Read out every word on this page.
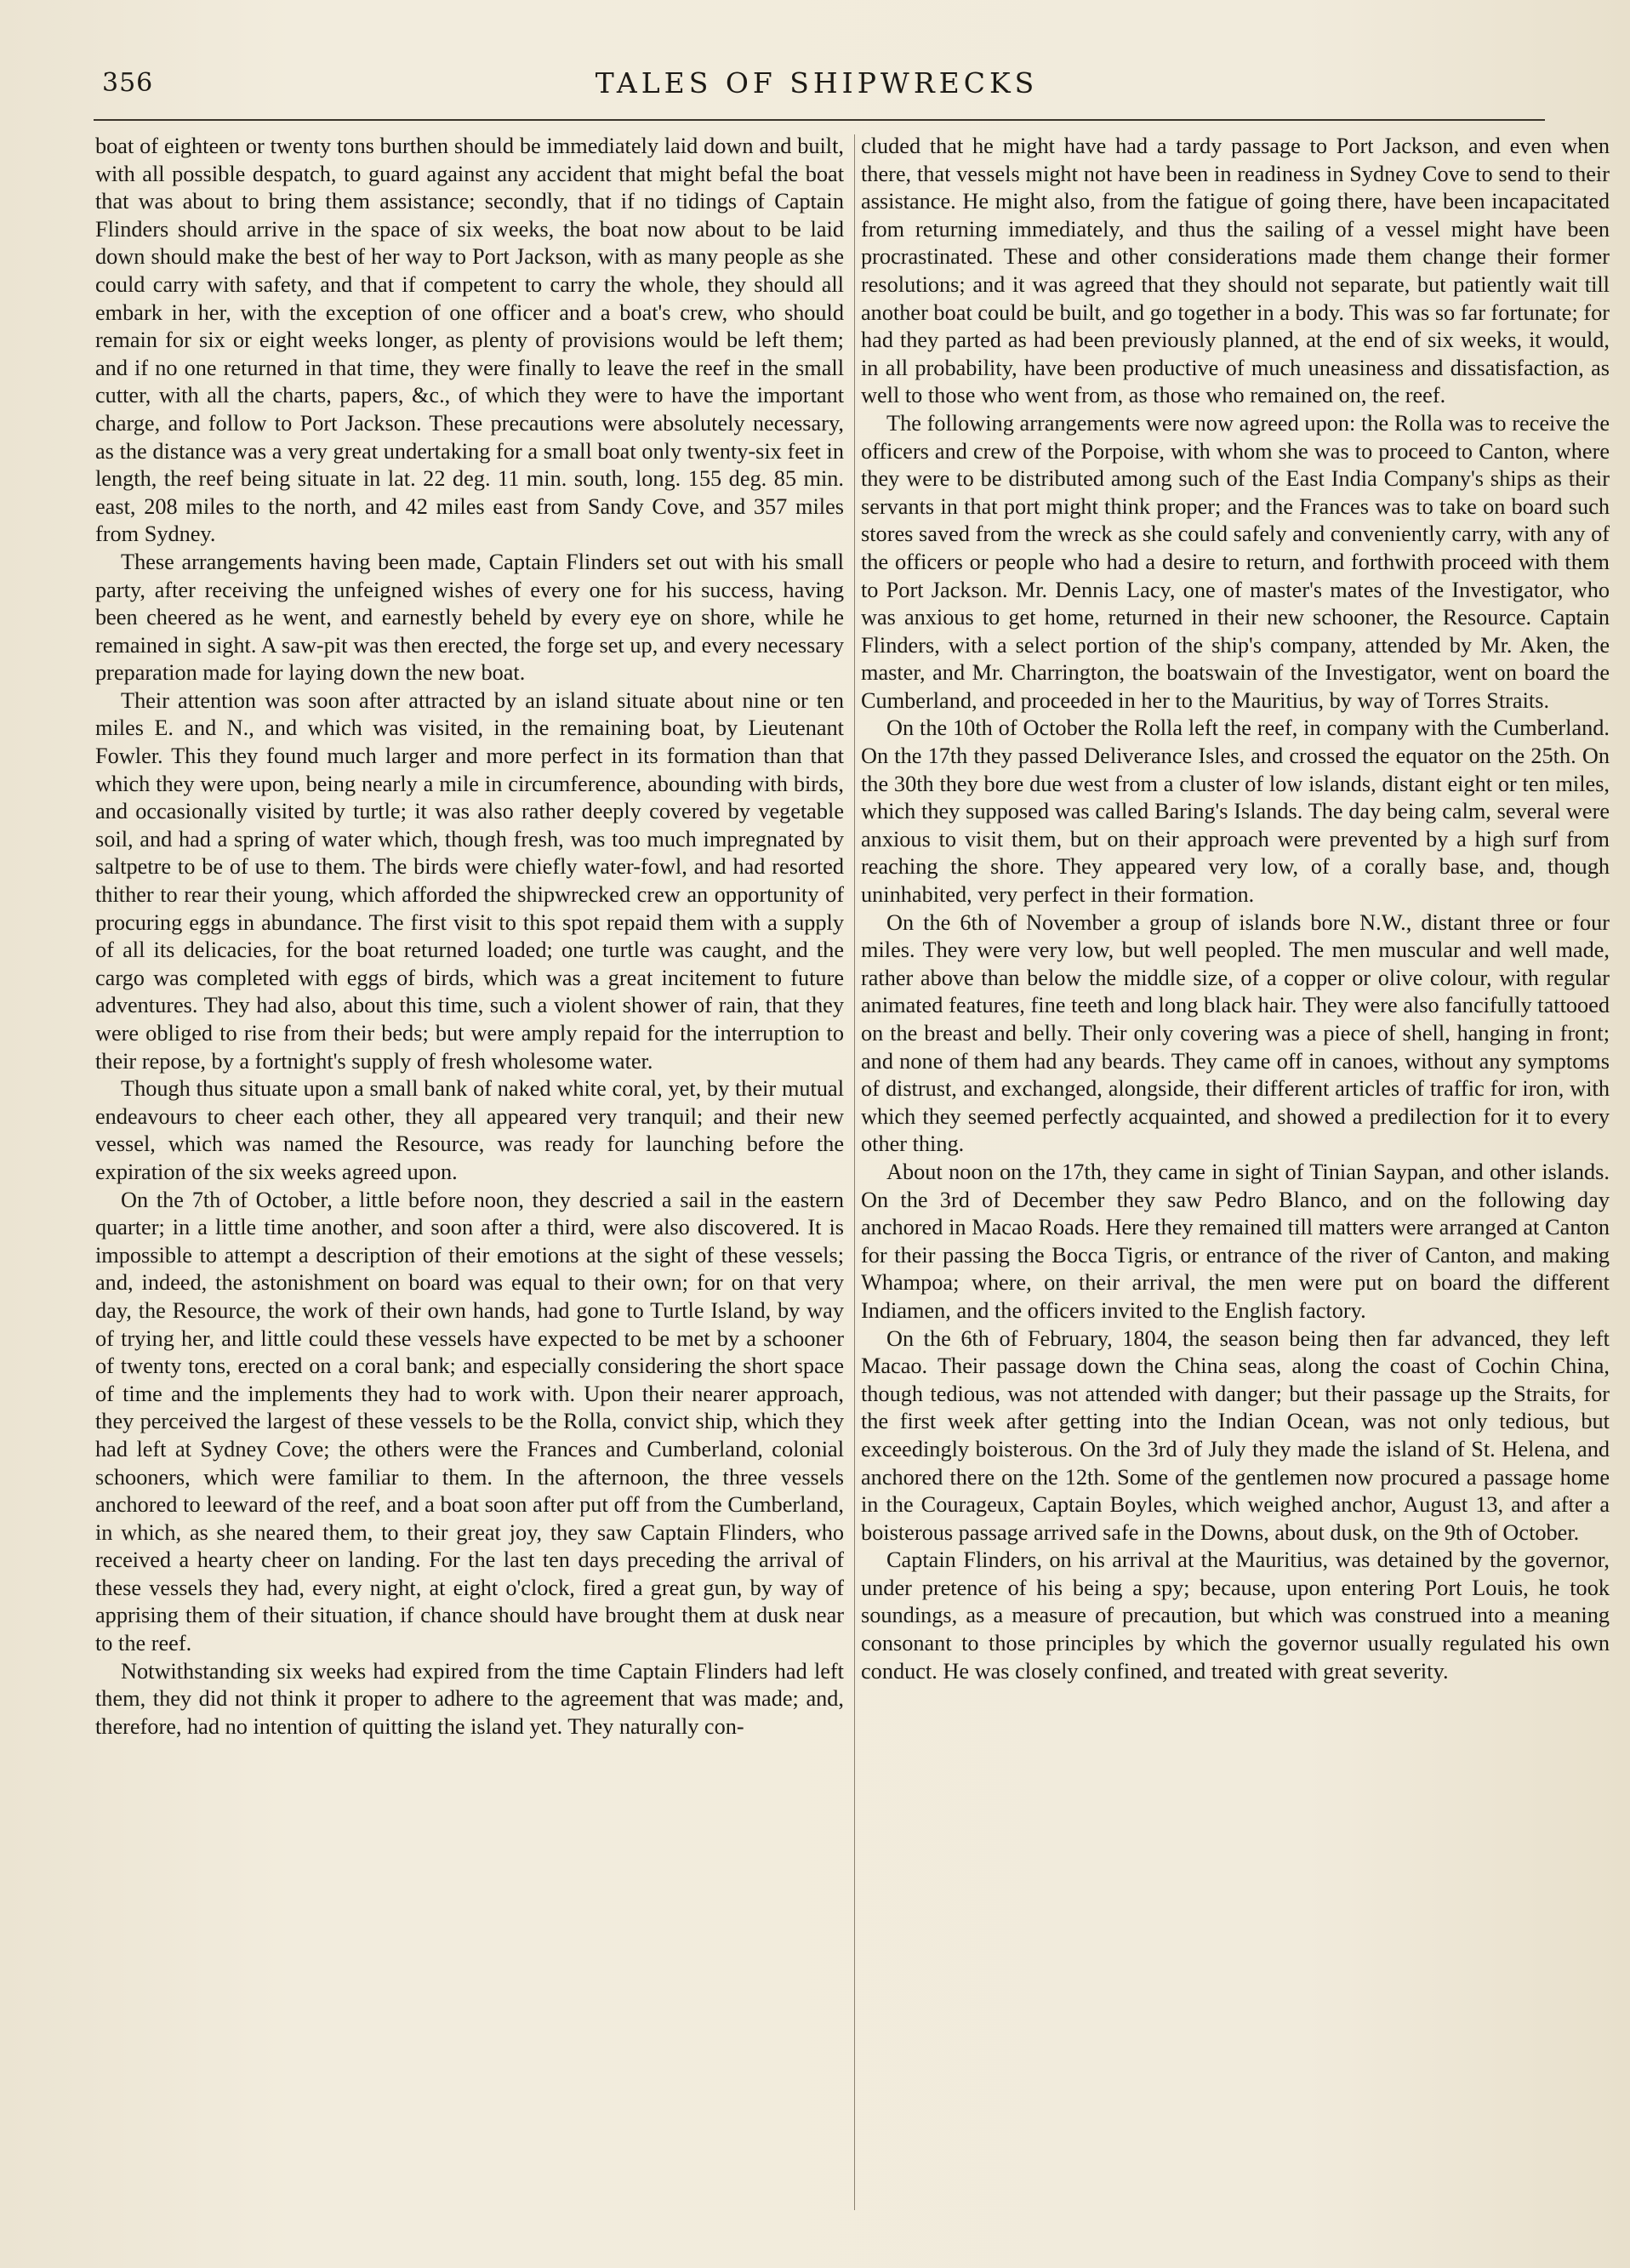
356	TALES OF SHIPWRECKS

boat of eighteen or twenty tons burthen should be immediately laid down and built, with all possible despatch, to guard against any accident that might befal the boat that was about to bring them assistance; secondly, that if no tidings of Captain Flinders should arrive in the space of six weeks, the boat now about to be laid down should make the best of her way to Port Jackson, with as many people as she could carry with safety, and that if competent to carry the whole, they should all embark in her, with the exception of one officer and a boat's crew, who should remain for six or eight weeks longer, as plenty of provisions would be left them; and if no one returned in that time, they were finally to leave the reef in the small cutter, with all the charts, papers, &c., of which they were to have the important charge, and follow to Port Jackson. These precautions were absolutely necessary, as the distance was a very great undertaking for a small boat only twenty-six feet in length, the reef being situate in lat. 22 deg. 11 min. south, long. 155 deg. 85 min. east, 208 miles to the north, and 42 miles east from Sandy Cove, and 357 miles from Sydney.

These arrangements having been made, Captain Flinders set out with his small party, after receiving the unfeigned wishes of every one for his success, having been cheered as he went, and earnestly beheld by every eye on shore, while he remained in sight. A saw-pit was then erected, the forge set up, and every necessary preparation made for laying down the new boat.

Their attention was soon after attracted by an island situate about nine or ten miles E. and N., and which was visited, in the remaining boat, by Lieutenant Fowler. This they found much larger and more perfect in its formation than that which they were upon, being nearly a mile in circumference, abounding with birds, and occasionally visited by turtle; it was also rather deeply covered by vegetable soil, and had a spring of water which, though fresh, was too much impregnated by saltpetre to be of use to them. The birds were chiefly water-fowl, and had resorted thither to rear their young, which afforded the shipwrecked crew an opportunity of procuring eggs in abundance. The first visit to this spot repaid them with a supply of all its delicacies, for the boat returned loaded; one turtle was caught, and the cargo was completed with eggs of birds, which was a great incitement to future adventures. They had also, about this time, such a violent shower of rain, that they were obliged to rise from their beds; but were amply repaid for the interruption to their repose, by a fortnight's supply of fresh wholesome water.

Though thus situate upon a small bank of naked white coral, yet, by their mutual endeavours to cheer each other, they all appeared very tranquil; and their new vessel, which was named the Resource, was ready for launching before the expiration of the six weeks agreed upon.

On the 7th of October, a little before noon, they descried a sail in the eastern quarter; in a little time another, and soon after a third, were also discovered. It is impossible to attempt a description of their emotions at the sight of these vessels; and, indeed, the astonishment on board was equal to their own; for on that very day, the Resource, the work of their own hands, had gone to Turtle Island, by way of trying her, and little could these vessels have expected to be met by a schooner of twenty tons, erected on a coral bank; and especially considering the short space of time and the implements they had to work with. Upon their nearer approach, they perceived the largest of these vessels to be the Rolla, convict ship, which they had left at Sydney Cove; the others were the Frances and Cumberland, colonial schooners, which were familiar to them. In the afternoon, the three vessels anchored to leeward of the reef, and a boat soon after put off from the Cumberland, in which, as she neared them, to their great joy, they saw Captain Flinders, who received a hearty cheer on landing. For the last ten days preceding the arrival of these vessels they had, every night, at eight o'clock, fired a great gun, by way of apprising them of their situation, if chance should have brought them at dusk near to the reef.

Notwithstanding six weeks had expired from the time Captain Flinders had left them, they did not think it proper to adhere to the agreement that was made; and, therefore, had no intention of quitting the island yet. They naturally con-

cluded that he might have had a tardy passage to Port Jackson, and even when there, that vessels might not have been in readiness in Sydney Cove to send to their assistance. He might also, from the fatigue of going there, have been incapacitated from returning immediately, and thus the sailing of a vessel might have been procrastinated. These and other considerations made them change their former resolutions; and it was agreed that they should not separate, but patiently wait till another boat could be built, and go together in a body. This was so far fortunate; for had they parted as had been previously planned, at the end of six weeks, it would, in all probability, have been productive of much uneasiness and dissatisfaction, as well to those who went from, as those who remained on, the reef.

The following arrangements were now agreed upon: the Rolla was to receive the officers and crew of the Porpoise, with whom she was to proceed to Canton, where they were to be distributed among such of the East India Company's ships as their servants in that port might think proper; and the Frances was to take on board such stores saved from the wreck as she could safely and conveniently carry, with any of the officers or people who had a desire to return, and forthwith proceed with them to Port Jackson. Mr. Dennis Lacy, one of master's mates of the Investigator, who was anxious to get home, returned in their new schooner, the Resource. Captain Flinders, with a select portion of the ship's company, attended by Mr. Aken, the master, and Mr. Charrington, the boatswain of the Investigator, went on board the Cumberland, and proceeded in her to the Mauritius, by way of Torres Straits.

On the 10th of October the Rolla left the reef, in company with the Cumberland. On the 17th they passed Deliverance Isles, and crossed the equator on the 25th. On the 30th they bore due west from a cluster of low islands, distant eight or ten miles, which they supposed was called Baring's Islands. The day being calm, several were anxious to visit them, but on their approach were prevented by a high surf from reaching the shore. They appeared very low, of a corally base, and, though uninhabited, very perfect in their formation.

On the 6th of November a group of islands bore N.W., distant three or four miles. They were very low, but well peopled. The men muscular and well made, rather above than below the middle size, of a copper or olive colour, with regular animated features, fine teeth and long black hair. They were also fancifully tattooed on the breast and belly. Their only covering was a piece of shell, hanging in front; and none of them had any beards. They came off in canoes, without any symptoms of distrust, and exchanged, alongside, their different articles of traffic for iron, with which they seemed perfectly acquainted, and showed a predilection for it to every other thing.

About noon on the 17th, they came in sight of Tinian Saypan, and other islands. On the 3rd of December they saw Pedro Blanco, and on the following day anchored in Macao Roads. Here they remained till matters were arranged at Canton for their passing the Bocca Tigris, or entrance of the river of Canton, and making Whampoa; where, on their arrival, the men were put on board the different Indiamen, and the officers invited to the English factory.

On the 6th of February, 1804, the season being then far advanced, they left Macao. Their passage down the China seas, along the coast of Cochin China, though tedious, was not attended with danger; but their passage up the Straits, for the first week after getting into the Indian Ocean, was not only tedious, but exceedingly boisterous. On the 3rd of July they made the island of St. Helena, and anchored there on the 12th. Some of the gentlemen now procured a passage home in the Courageux, Captain Boyles, which weighed anchor, August 13, and after a boisterous passage arrived safe in the Downs, about dusk, on the 9th of October.

Captain Flinders, on his arrival at the Mauritius, was detained by the governor, under pretence of his being a spy; because, upon entering Port Louis, he took soundings, as a measure of precaution, but which was construed into a meaning consonant to those principles by which the governor usually regulated his own conduct. He was closely confined, and treated with great severity.
